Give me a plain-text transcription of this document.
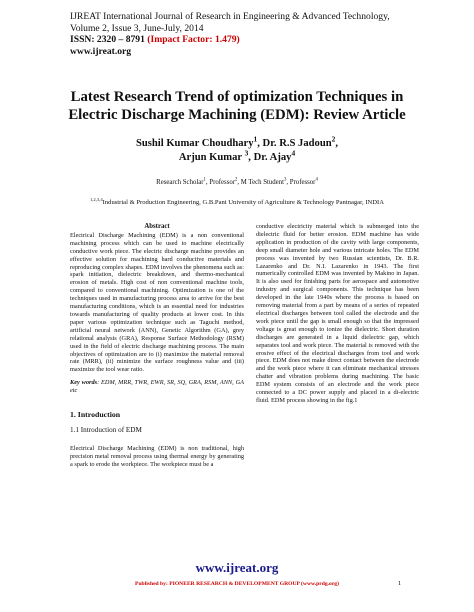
IJREAT International Journal of Research in Engineering & Advanced Technology,
Volume 2, Issue 3, June-July, 2014
ISSN: 2320 – 8791 (Impact Factor: 1.479)
www.ijreat.org
Latest Research Trend of optimization Techniques in
Electric Discharge Machining (EDM): Review Article
Sushil Kumar Choudhary$^1$, Dr. R.S Jadoun$^2$,
Arjun Kumar $^3$, Dr. Ajay$^4$
Research Scholar$^1$, Professor$^2$, M Tech Student$^3$, Professor$^4$
$^{1,2,3,4}$Industrial & Production Engineering, G.B.Pant University of Agriculture & Technology Pantnagar, INDIA
Abstract
Electrical Discharge Machining (EDM) is a non conventional machining process which can be used to machine electrically conductive work piece. The electric discharge machine provides an effective solution for machining hard conductive materials and reproducing complex shapes. EDM involves the phenomena such as: spark initiation, dielectric breakdown, and thermo-mechanical erosion of metals. High cost of non conventional machine tools, compared to conventional machining. Optimization is one of the techniques used in manufacturing process area to arrive for the best manufacturing conditions, which is an essential need for industries towards manufacturing of quality products at lower cost. In this paper various optimization technique such as Taguchi method, artificial neural network (ANN), Genetic Algorithm (GA), grey relational analysis (GRA), Response Surface Methodology (RSM) used in the field of electric discharge machining process. The main objectives of optimization are to (i) maximize the material removal rate (MRR), (ii) minimize the surface roughness value and (iii) maximize the tool wear ratio.
Key words: EDM, MRR, TWR, EWR, SR, SQ, GRA, RSM, ANN, GA etc
1. Introduction
1.1 Introduction of EDM
Electrical Discharge Machining (EDM) is non traditional, high precision metal removal process using thermal energy by generating a spark to erode the workpiece. The workpiece must be a
conductive electricity material which is submerged into the dielectric fluid for better erosion. EDM machine has wide application in production of die cavity with large components, deep small diameter hole and various intricate holes. The EDM process was invented by two Russian scientists, Dr. B.R. Lazarenko and Dr. N.I. Lazarenko in 1943. The first numerically controlled EDM was invented by Makino in Japan. It is also used for finishing parts for aerospace and automotive industry and surgical components. This technique has been developed in the late 1940s where the process is based on removing material from a part by means of a series of repeated electrical discharges between tool called the electrode and the work piece until the gap is small enough so that the impressed voltage is great enough to ionize the dielectric. Short duration discharges are generated in a liquid dielectric gap, which separates tool and work piece. The material is removed with the erosive effect of the electrical discharges from tool and work piece. EDM does not make direct contact between the electrode and the work piece where it can eliminate mechanical stresses chatter and vibration problems during machining. The basic EDM system consists of an electrode and the work piece connected to a DC power supply and placed in a di-electric fluid. EDM process showing in the fig.1
www.ijreat.org
Published by: PIONEER RESEARCH & DEVELOPMENT GROUP (www.prdg.org)	1
